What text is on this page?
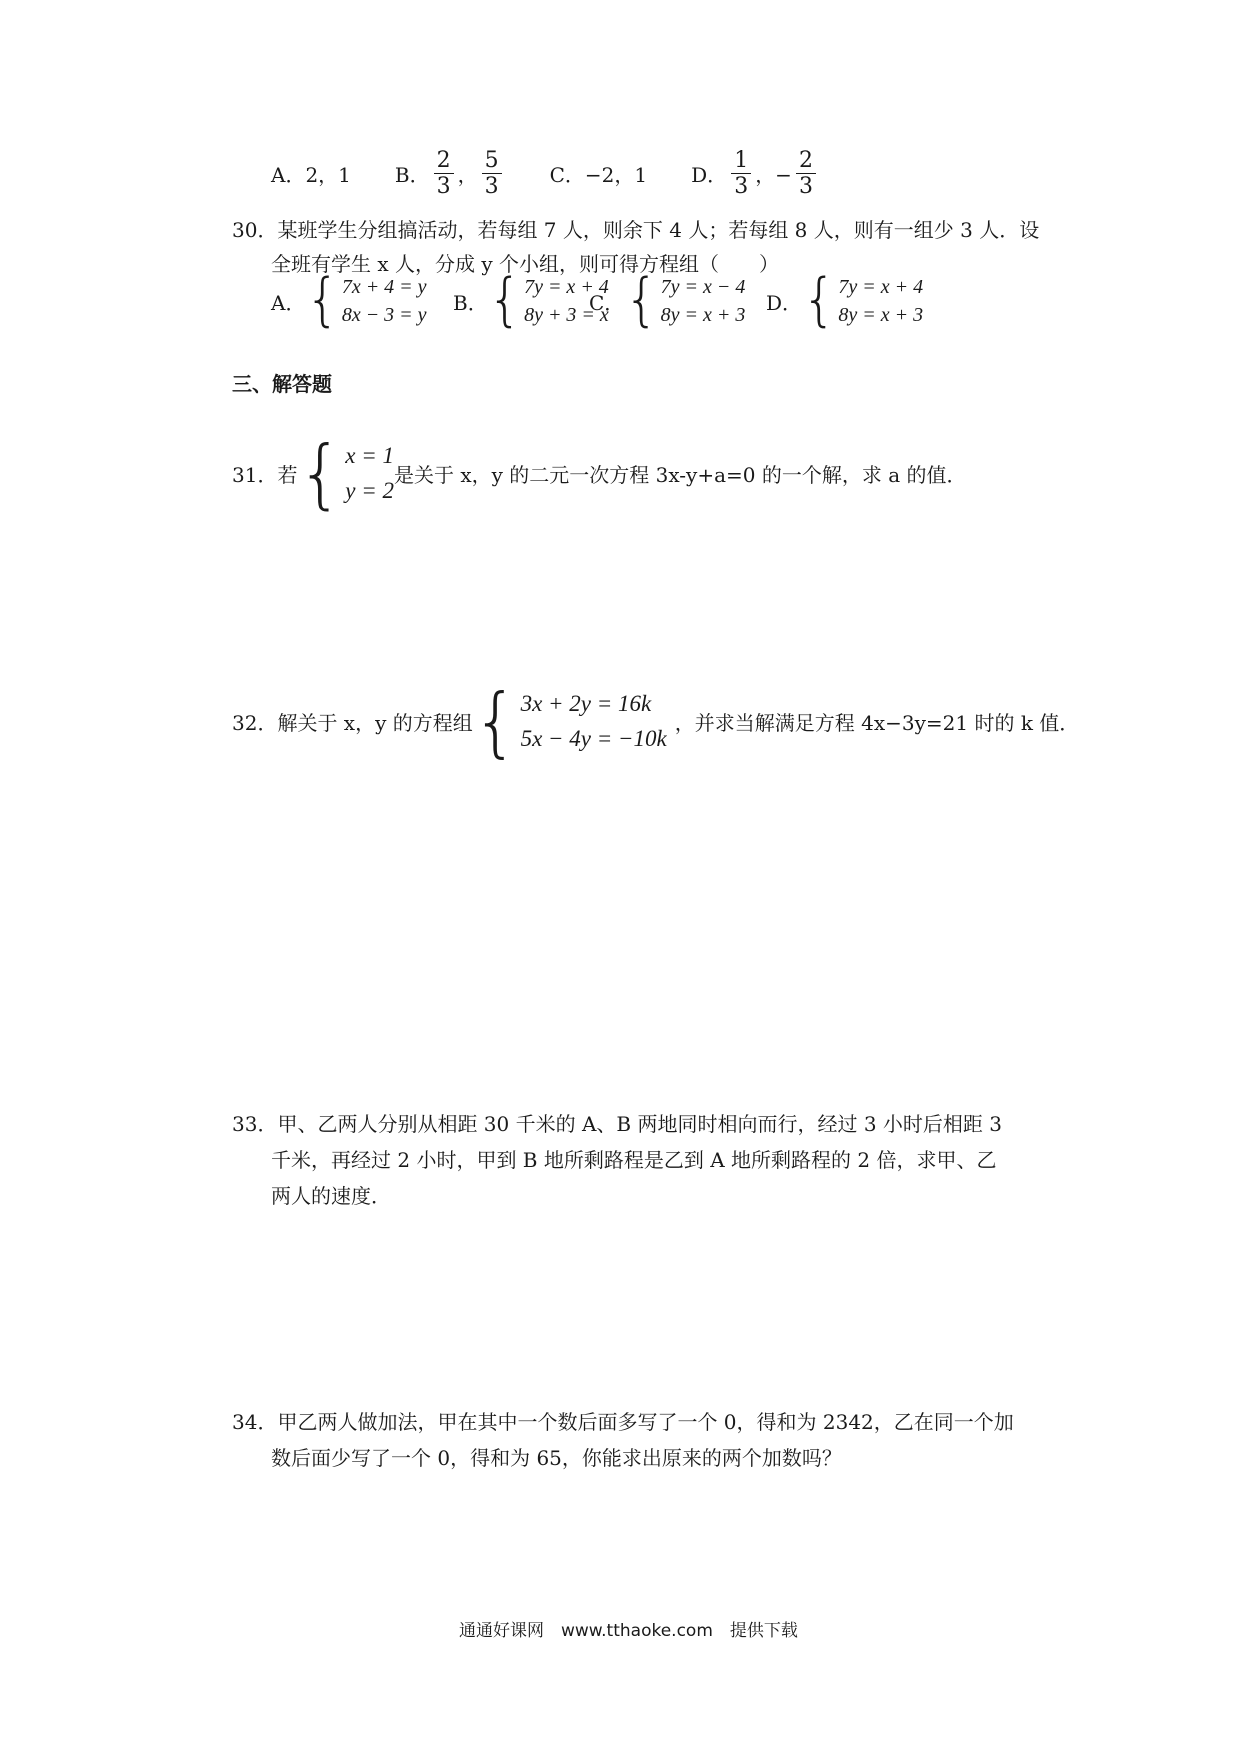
A．2，1 B． $\frac{2}{3}$ ， $\frac{5}{3}$ C．−2，1 D． $\frac{1}{3}$ ，− $\frac{2}{3}$
30．某班学生分组搞活动，若每组 7 人，则余下 4 人；若每组 8 人，则有一组少 3 人．设
全班有学生 x 人，分成 y 个小组，则可得方程组（　　）
A． { 7x + 4 = y
8x − 3 = y
B． { 7y = x + 4
8y + 3 = x
C． { 7y = x − 4
8y = x + 3
D． { 7y = x + 4
8y = x + 3
三、解答题
31．若 { x = 1
y = 2
是关于 x，y 的二元一次方程 3x-y+a=0 的一个解，求 a 的值．
32．解关于 x，y 的方程组 { 3x + 2y = 16k
5x − 4y = −10k
，并求当解满足方程 4x−3y=21 时的 k 值．
33．甲、乙两人分别从相距 30 千米的 A、B 两地同时相向而行，经过 3 小时后相距 3
千米，再经过 2 小时，甲到 B 地所剩路程是乙到 A 地所剩路程的 2 倍，求甲、乙
两人的速度．
34．甲乙两人做加法，甲在其中一个数后面多写了一个 0，得和为 2342，乙在同一个加
数后面少写了一个 0，得和为 65，你能求出原来的两个加数吗？
通通好课网　www.tthaoke.com　提供下载
